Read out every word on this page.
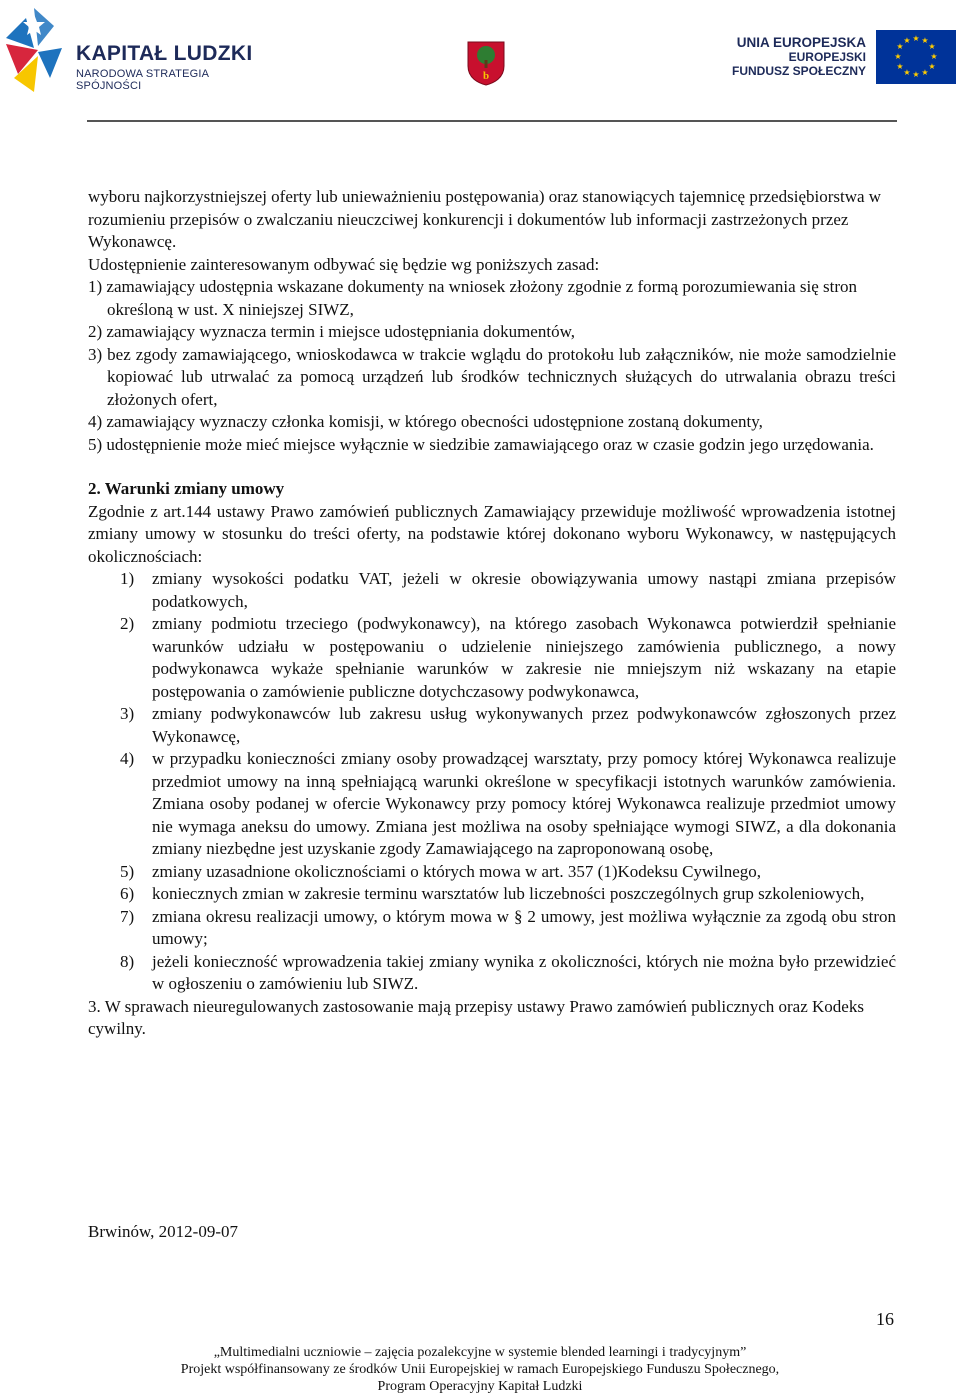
KAPITAŁ LUDZKI
NARODOWA STRATEGIA SPÓJNOŚCI
b
UNIA EUROPEJSKA
EUROPEJSKI
FUNDUSZ SPOŁECZNY
★ ★
★
★
★
★
★
★
★
★
★
★

wyboru najkorzystniejszej oferty lub unieważnieniu postępowania) oraz stanowiących tajemnicę przedsiębiorstwa w rozumieniu przepisów o zwalczaniu nieuczciwej konkurencji i dokumentów lub informacji zastrzeżonych przez Wykonawcę.

Udostępnienie zainteresowanym odbywać się będzie wg poniższych zasad:

1) zamawiający udostępnia wskazane dokumenty na wniosek złożony zgodnie z formą porozumiewania się stron określoną w ust. X niniejszej SIWZ,

2) zamawiający wyznacza termin i miejsce udostępniania dokumentów,

3) bez zgody zamawiającego, wnioskodawca w trakcie wglądu do protokołu lub załączników, nie może samodzielnie kopiować lub utrwalać za pomocą urządzeń lub środków technicznych służących do utrwalania obrazu treści złożonych ofert,

4) zamawiający wyznaczy członka komisji, w którego obecności udostępnione zostaną dokumenty,

5) udostępnienie może mieć miejsce wyłącznie w siedzibie zamawiającego oraz w czasie godzin jego urzędowania.

2. Warunki zmiany umowy

Zgodnie z art.144 ustawy Prawo zamówień publicznych Zamawiający przewiduje możliwość wprowadzenia istotnej zmiany umowy w stosunku do treści oferty, na podstawie której dokonano wyboru Wykonawcy, w następujących okolicznościach:

1) zmiany wysokości podatku VAT, jeżeli w okresie obowiązywania umowy nastąpi zmiana przepisów podatkowych,
2) zmiany podmiotu trzeciego (podwykonawcy), na którego zasobach Wykonawca potwierdził spełnianie warunków udziału w postępowaniu o udzielenie niniejszego zamówienia publicznego, a nowy podwykonawca wykaże spełnianie warunków w zakresie nie mniejszym niż wskazany na etapie postępowania o zamówienie publiczne dotychczasowy podwykonawca,
3) zmiany podwykonawców lub zakresu usług wykonywanych przez podwykonawców zgłoszonych przez Wykonawcę,
4) w przypadku konieczności zmiany osoby prowadzącej warsztaty, przy pomocy której Wykonawca realizuje przedmiot umowy na inną spełniającą warunki określone w specyfikacji istotnych warunków zamówienia. Zmiana osoby podanej w ofercie Wykonawcy przy pomocy której Wykonawca realizuje przedmiot umowy nie wymaga aneksu do umowy. Zmiana jest możliwa na osoby spełniające wymogi SIWZ, a dla dokonania zmiany niezbędne jest uzyskanie zgody Zamawiającego na zaproponowaną osobę,
5) zmiany uzasadnione okolicznościami o których mowa w art. 357 (1)Kodeksu Cywilnego,
6) koniecznych zmian w zakresie terminu warsztatów lub liczebności poszczególnych grup szkoleniowych,
7) zmiana okresu realizacji umowy, o którym mowa w § 2 umowy, jest możliwa wyłącznie za zgodą obu stron umowy;
8) jeżeli konieczność wprowadzenia takiej zmiany wynika z okoliczności, których nie można było przewidzieć w ogłoszeniu o zamówieniu lub SIWZ.

3. W sprawach nieuregulowanych zastosowanie mają przepisy ustawy Prawo zamówień publicznych oraz Kodeks cywilny.

Brwinów, 2012-09-07
16
„Multimedialni uczniowie – zajęcia pozalekcyjne w systemie blended learningi i tradycyjnym”
Projekt współfinansowany ze środków Unii Europejskiej w ramach Europejskiego Funduszu Społecznego,
Program Operacyjny Kapitał Ludzki
